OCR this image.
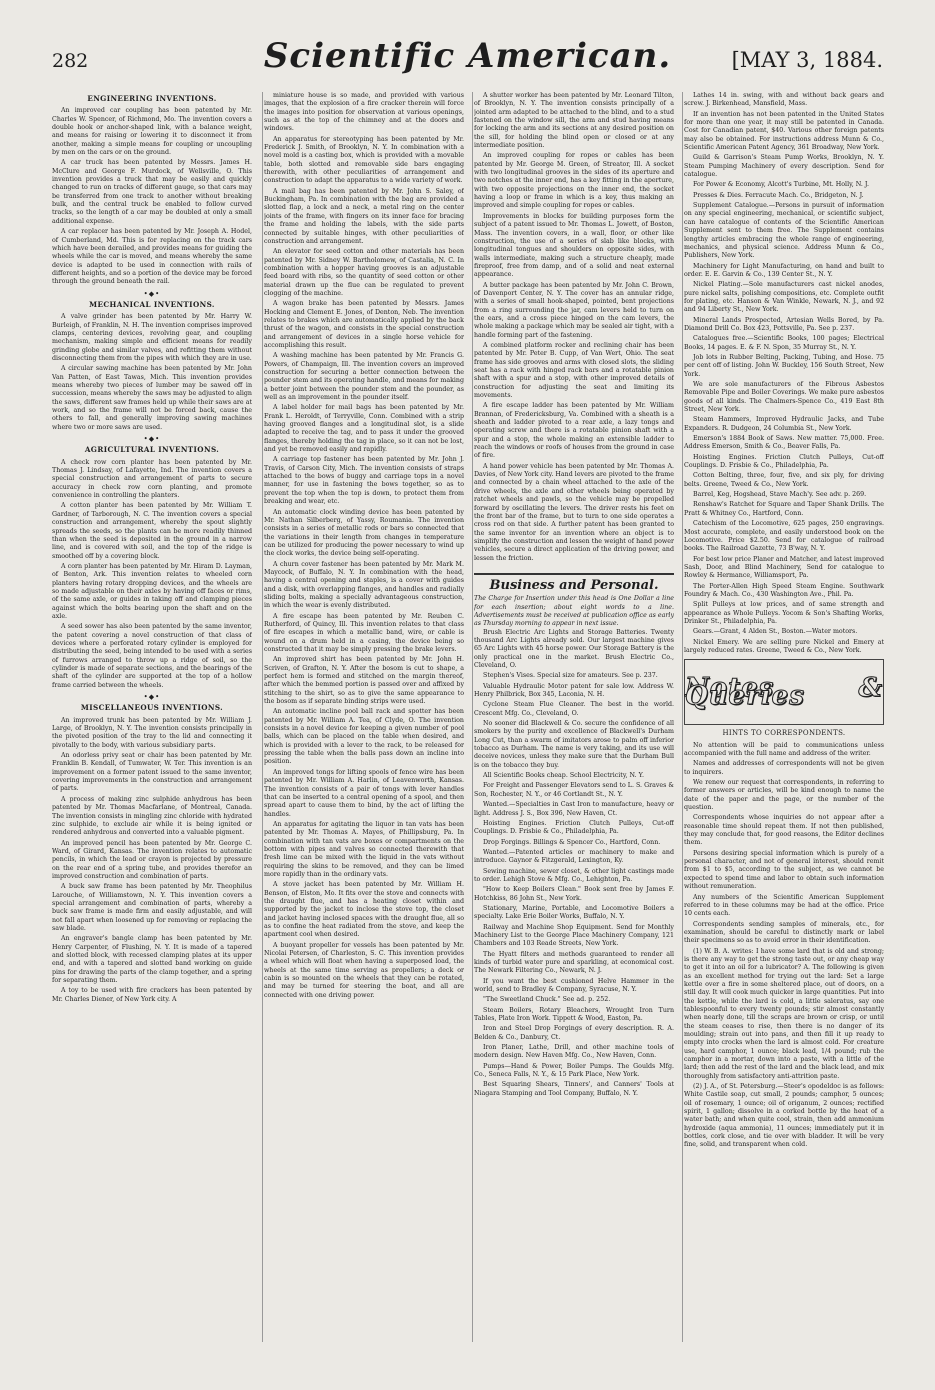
282	Scientific American.	[MAY 3, 1884.
ENGINEERING INVENTIONS.

An improved car coupling has been patented by Mr. Charles W. Spencer, of Richmond, Mo. The invention covers a double hook or anchor-shaped link, with a balance weight, and means for raising or lowering it to disconnect it from another, making a simple means for coupling or uncoupling by men on the cars or on the ground.

A car truck has been patented by Messrs. James H. McClure and George F. Murdock, of Wellsville, O. This invention provides a truck that may be easily and quickly changed to run on tracks of different gauge, so that cars may be transferred from one track to another without breaking bulk, and the central truck be enabled to follow curved tracks, so the length of a car may be doubled at only a small additional expense.

A car replacer has been patented by Mr. Joseph A. Hodel, of Cumberland, Md. This is for replacing on the track cars which have been derailed, and provides means for guiding the wheels while the car is moved, and means whereby the same device is adapted to be used in connection with rails of different heights, and so a portion of the device may be forced through the ground beneath the rail.

•◆•
MECHANICAL INVENTIONS.

A valve grinder has been patented by Mr. Harry W. Burleigh, of Franklin, N. H. The invention comprises improved clamps, centering devices, revolving gear, and coupling mechanism, making simple and efficient means for readily grinding globe and similar valves, and refitting them without disconnecting them from the pipes with which they are in use.

A circular sawing machine has been patented by Mr. John Van Patten, of East Tawas, Mich. This invention provides means whereby two pieces of lumber may be sawed off in succession, means whereby the saws may be adjusted to align the saws, different saw frames held up while their saws are at work, and so the frame will not be forced back, cause the others to fall, and generally improving sawing machines where two or more saws are used.

•◆•
AGRICULTURAL INVENTIONS.

A check row corn planter has been patented by Mr. Thomas J. Lindsay, of Lafayette, Ind. The invention covers a special construction and arrangement of parts to secure accuracy in check row corn planting, and promote convenience in controlling the planters.

A cotton planter has been patented by Mr. William T. Gardner, of Tarborough, N. C. The invention covers a special construction and arrangement, whereby the spout slightly spreads the seeds, so the plants can be more readily thinned than when the seed is deposited in the ground in a narrow line, and is covered with soil, and the top of the ridge is smoothed off by a covering block.

A corn planter has been patented by Mr. Hiram D. Layman, of Benton, Ark. This invention relates to wheeled corn planters having rotary dropping devices, and the wheels are so made adjustable on their axles by having off faces or rims, of the same axle, or guides in taking off and clamping pieces against which the bolts bearing upon the shaft and on the axle.

A seed sower has also been patented by the same inventor, the patent covering a novel construction of that class of devices where a perforated rotary cylinder is employed for distributing the seed, being intended to be used with a series of furrows arranged to throw up a ridge of soil, so the cylinder is made of separate sections, and the bearings of the shaft of the cylinder are supported at the top of a hollow frame carried between the wheels.

•◆•
MISCELLANEOUS INVENTIONS.

An improved trunk has been patented by Mr. William J. Large, of Brooklyn, N. Y. The invention consists principally in the pivoted position of the tray to the lid and connecting it pivotally to the body, with various subsidiary parts.

An odorless privy seat or chair has been patented by Mr. Franklin B. Kendall, of Tumwater, W. Ter. This invention is an improvement on a former patent issued to the same inventor, covering improvements in the construction and arrangement of parts.

A process of making zinc sulphide anhydrous has been patented by Mr. Thomas Macfarlane, of Montreal, Canada. The invention consists in mingling zinc chloride with hydrated zinc sulphide, to exclude air while it is being ignited or rendered anhydrous and converted into a valuable pigment.

An improved pencil has been patented by Mr. George C. Ward, of Girard, Kansas. The invention relates to automatic pencils, in which the lead or crayon is projected by pressure on the rear end of a spring tube, and provides therefor an improved construction and combination of parts.

A buck saw frame has been patented by Mr. Theophilus Larouche, of Williamstown, N. Y. This invention covers a special arrangement and combination of parts, whereby a buck saw frame is made firm and easily adjustable, and will not fall apart when loosened up for removing or replacing the saw blade.

An engraver's bangle clamp has been patented by Mr. Henry Carpenter, of Flushing, N. Y. It is made of a tapered and slotted block, with recessed clamping plates at its upper end, and with a tapered and slotted band working on guide pins for drawing the parts of the clamp together, and a spring for separating them.

A toy to be used with fire crackers has been patented by Mr. Charles Diener, of New York city. A

miniature house is so made, and provided with various images, that the explosion of a fire cracker therein will force the images into position for observation at various openings, such as at the top of the chimney and at the doors and windows.

An apparatus for stereotyping has been patented by Mr. Frederick J. Smith, of Brooklyn, N. Y. In combination with a novel mold is a casting box, which is provided with a movable table, both slotted and removable side bars engaging therewith, with other peculiarities of arrangement and construction to adapt the apparatus to a wide variety of work.

A mail bag has been patented by Mr. John S. Saley, of Buckingham, Pa. In combination with the bag are provided a slotted flap, a lock and a neck, a metal ring on the center joints of the frame, with fingers on its inner face for bracing the frame and holding the labels, with the side parts connected by suitable hinges, with other peculiarities of construction and arrangement.

An elevator for seed cotton and other materials has been patented by Mr. Sidney W. Bartholomew, of Castalia, N. C. In combination with a hopper having grooves is an adjustable feed board with ribs, so the quantity of seed cotton or other material drawn up the flue can be regulated to prevent clogging of the machine.

A wagon brake has been patented by Messrs. James Hocking and Clement E. Jones, of Denton, Neb. The invention relates to brakes which are automatically applied by the back thrust of the wagon, and consists in the special construction and arrangement of devices in a single horse vehicle for accomplishing this result.

A washing machine has been patented by Mr. Francis G. Powers, of Champaign, Ill. The invention covers an improved construction for securing a better connection between the pounder stem and its operating handle, and means for making a better joint between the pounder stem and the pounder, as well as an improvement in the pounder itself.

A label holder for mail bags has been patented by Mr. Frank L. Heroldt, of Terryville, Conn. Combined with a strip having grooved flanges and a longitudinal slot, is a slide adapted to receive the tag, and to pass it under the grooved flanges, thereby holding the tag in place, so it can not be lost, and yet be removed easily and rapidly.

A carriage top fastener has been patented by Mr. John J. Travis, of Carson City, Mich. The invention consists of straps attached to the bows of buggy and carriage tops in a novel manner, for use in fastening the bows together, so as to prevent the top when the top is down, to protect them from breaking and wear, etc.

An automatic clock winding device has been patented by Mr. Nathan Silberberg, of Yassy, Roumania. The invention consists in a series of metallic rods or bars so connected that the variations in their length from changes in temperature can be utilized for producing the power necessary to wind up the clock works, the device being self-operating.

A churn cover fastener has been patented by Mr. Mark M. Maycock, of Buffalo, N. Y. In combination with the head, having a central opening and staples, is a cover with guides and a disk, with overlapping flanges, and handles and radially sliding bolts, making a specially advantageous construction, in which the wear is evenly distributed.

A fire escape has been patented by Mr. Reuben C. Rutherford, of Quincy, Ill. This invention relates to that class of fire escapes in which a metallic band, wire, or cable is wound on a drum held in a casing, the device being so constructed that it may be simply pressing the brake levers.

An improved shirt has been patented by Mr. John H. Scriven, of Grafton, N. Y. After the bosom is cut to shape, a perfect hem is formed and stitched on the margin thereof, after which the bemmed portion is passed over and affixed by stitching to the shirt, so as to give the same appearance to the bosom as if separate binding strips were used.

An automatic incline pool ball rack and spotter has been patented by Mr. William A. Tea, of Clyde, O. The invention consists in a novel device for keeping a given number of pool balls, which can be placed on the table when desired, and which is provided with a lever to the rack, to be released for pressing the table when the balls pass down an incline into position.

An improved tongs for lifting spools of fence wire has been patented by Mr. William A. Harlin, of Leavenworth, Kansas. The invention consists of a pair of tongs with lever handles that can be inserted to a central opening of a spool, and then spread apart to cause them to bind, by the act of lifting the handles.

An apparatus for agitating the liquor in tan vats has been patented by Mr. Thomas A. Mayes, of Phillipsburg, Pa. In combination with tan vats are boxes or compartments on the bottom with pipes and valves so connected therewith that fresh lime can be mixed with the liquid in the vats without requiring the skins to be removed, and they can be limed more rapidly than in the ordinary vats.

A stove jacket has been patented by Mr. William H. Benson, of Elston, Mo. It fits over the stove and connects with the draught flue, and has a heating closet within and supported by the jacket to inclose the stove top, the closet and jacket having inclosed spaces with the draught flue, all so as to confine the heat radiated from the stove, and keep the apartment cool when desired.

A buoyant propeller for vessels has been patented by Mr. Nicolai Petersen, of Charleston, S. C. This invention provides a wheel which will float when having a superposed load, the wheels at the same time serving as propellers; a deck or cabin is so mounted on the wheels that they can be rotated, and may be turned for steering the boat, and all are connected with one driving power.

A shutter worker has been patented by Mr. Leonard Tilton, of Brooklyn, N. Y. The invention consists principally of a jointed arm adapted to be attached to the blind, and to a stud fastened on the window sill, the arm and stud having means for locking the arm and its sections at any desired position on the sill, for holding the blind open or closed or at any intermediate position.

An improved coupling for ropes or cables has been patented by Mr. George M. Green, of Streator, Ill. A socket with two longitudinal grooves in the sides of its aperture and two notches at the inner end, has a key fitting in the aperture, with two opposite projections on the inner end, the socket having a loop or frame in which is a key, thus making an improved and simple coupling for ropes or cables.

Improvements in blocks for building purposes form the subject of a patent issued to Mr. Thomas L. Jowett, of Boston, Mass. The invention covers, in a wall, floor, or other like construction, the use of a series of slab like blocks, with longitudinal tongues and shoulders on opposite sides, with walls intermediate, making such a structure cheaply, made fireproof, free from damp, and of a solid and neat external appearance.

A butter package has been patented by Mr. John C. Brown, of Davenport Center, N. Y. The cover has an annular ridge, with a series of small hook-shaped, pointed, bent projections from a ring surrounding the jar, cam levers held to turn on the ears, and a cross piece hinged on the cam levers, the whole making a package which may be sealed air tight, with a handle forming part of the fastening.

A combined platform rocker and reclining chair has been patented by Mr. Peter B. Cupp, of Van Wert, Ohio. The seat frame has side grooves and arms with closed slots, the sliding seat has a rack with hinged rack bars and a rotatable pinion shaft with a spur and a stop, with other improved details of construction for adjusting the seat and limiting its movements.

A fire escape ladder has been patented by Mr. William Brannan, of Fredericksburg, Va. Combined with a sheath is a sheath and ladder pivoted to a rear axle, a lazy tongs and operating screw and there is a rotatable pinion shaft with a spur and a stop, the whole making an extensible ladder to reach the windows or roofs of houses from the ground in case of fire.

A hand power vehicle has been patented by Mr. Thomas A. Davies, of New York city. Hand levers are pivoted to the frame and connected by a chain wheel attached to the axle of the drive wheels, the axle and other wheels being operated by ratchet wheels and pawls, so the vehicle may be propelled forward by oscillating the levers. The driver rests his feet on the front bar of the frame, but to turn to one side operates a cross rod on that side. A further patent has been granted to the same inventor for an invention where an object is to simplify the construction and lessen the weight of hand power vehicles, secure a direct application of the driving power, and lessen the friction.

Business and Personal.

The Charge for Insertion under this head is One Dollar a line for each insertion; about eight words to a line. Advertisements must be received at publication office as early as Thursday morning to appear in next issue.

Brush Electric Arc Lights and Storage Batteries. Twenty thousand Arc Lights already sold. Our largest machine gives 65 Arc Lights with 45 horse power. Our Storage Battery is the only practical one in the market. Brush Electric Co., Cleveland, O.

Stephen's Vises. Special size for amateurs. See p. 237.

Valuable Hydraulic Motor patent for sale low. Address W. Henry Philbrick, Box 345, Laconia, N. H.

Cyclone Steam Flue Cleaner. The best in the world. Crescent Mfg. Co., Cleveland, O.

No sooner did Blackwell & Co. secure the confidence of all smokers by the purity and excellence of Blackwell's Durham Long Cut, than a swarm of imitators arose to palm off inferior tobacco as Durham. The name is very taking, and its use will deceive novices, unless they make sure that the Durham Bull is on the tobacco they buy.

All Scientific Books cheap. School Electricity, N. Y.

For Freight and Passenger Elevators send to L. S. Graves & Son, Rochester, N. Y., or 46 Cortlandt St., N. Y.

Wanted.—Specialties in Cast Iron to manufacture, heavy or light. Address J. S., Box 396, New Haven, Ct.

Hoisting Engines. Friction Clutch Pulleys, Cut-off Couplings. D. Frisbie & Co., Philadelphia, Pa.

Drop Forgings. Billings & Spencer Co., Hartford, Conn.

Wanted.—Patented articles or machinery to make and introduce. Gaynor & Fitzgerald, Lexington, Ky.

Sewing machine, sewer closet, & other light castings made to order. Lehigh Stove & Mfg. Co., Lehighton, Pa.

"How to Keep Boilers Clean." Book sent free by James F. Hotchkiss, 86 John St., New York.

Stationary, Marine, Portable, and Locomotive Boilers a specialty. Lake Erie Boiler Works, Buffalo, N. Y.

Railway and Machine Shop Equipment. Send for Monthly Machinery List to the George Place Machinery Company, 121 Chambers and 103 Reade Streets, New York.

The Hyatt filters and methods guaranteed to render all kinds of turbid water pure and sparkling, at economical cost. The Newark Filtering Co., Newark, N. J.

If you want the best cushioned Helve Hammer in the world, send to Bradley & Company, Syracuse, N. Y.

"The Sweetland Chuck." See ad. p. 252.

Steam Boilers, Rotary Bleachers, Wrought Iron Turn Tables, Plate Iron Work. Tippett & Wood, Easton, Pa.

Iron and Steel Drop Forgings of every description. R. A. Belden & Co., Danbury, Ct.

Iron Planer, Lathe, Drill, and other machine tools of modern design. New Haven Mfg. Co., New Haven, Conn.

Pumps—Hand & Power, Boiler Pumps. The Goulds Mfg. Co., Seneca Falls, N. Y., & 15 Park Place, New York.

Best Squaring Shears, Tinners', and Canners' Tools at Niagara Stamping and Tool Company, Buffalo, N. Y.

Lathes 14 in. swing, with and without back gears and screw. J. Birkenhead, Mansfield, Mass.

If an invention has not been patented in the United States for more than one year, it may still be patented in Canada. Cost for Canadian patent, $40. Various other foreign patents may also be obtained. For instructions address Munn & Co., Scientific American Patent Agency, 361 Broadway, New York.

Guild & Garrison's Steam Pump Works, Brooklyn, N. Y. Steam Pumping Machinery of every description. Send for catalogue.

For Power & Economy, Alcott's Turbine, Mt. Holly, N. J.

Presses & Dies. Ferracute Mach. Co., Bridgeton, N. J.

Supplement Catalogue.—Persons in pursuit of information on any special engineering, mechanical, or scientific subject, can have catalogue of contents of the Scientific American Supplement sent to them free. The Supplement contains lengthy articles embracing the whole range of engineering, mechanics, and physical science. Address Munn & Co., Publishers, New York.

Machinery for Light Manufacturing, on hand and built to order. E. E. Garvin & Co., 139 Center St., N. Y.

Nickel Plating.—Sole manufacturers cast nickel anodes, pure nickel salts, polishing compositions, etc. Complete outfit for plating, etc. Hanson & Van Winkle, Newark, N. J., and 92 and 94 Liberty St., New York.

Mineral Lands Prospected, Artesian Wells Bored, by Pa. Diamond Drill Co. Box 423, Pottsville, Pa. See p. 237.

Catalogues free.—Scientific Books, 100 pages; Electrical Books, 14 pages. E. & F. N. Spon, 35 Murray St., N. Y.

Job lots in Rubber Belting, Packing, Tubing, and Hose. 75 per cent off of listing. John W. Buckley, 156 South Street, New York.

We are sole manufacturers of the Fibrous Asbestos Removable Pipe and Boiler Coverings. We make pure asbestos goods of all kinds. The Chalmers-Spence Co., 419 East 8th Street, New York.

Steam Hammers, Improved Hydraulic Jacks, and Tube Expanders. R. Dudgeon, 24 Columbia St., New York.

Emerson's 1884 Book of Saws. New matter. 75,000. Free. Address Emerson, Smith & Co., Beaver Falls, Pa.

Hoisting Engines. Friction Clutch Pulleys, Cut-off Couplings. D. Frisbie & Co., Philadelphia, Pa.

Cotton Belting, three, four, five, and six ply, for driving belts. Greene, Tweed & Co., New York.

Barrel, Keg, Hogshead, Stave Mach'y. See adv. p. 269.

Renshaw's Ratchet for Square and Taper Shank Drills. The Pratt & Whitney Co., Hartford, Conn.

Catechism of the Locomotive, 625 pages, 250 engravings. Most accurate, complete, and easily understood book on the Locomotive. Price $2.50. Send for catalogue of railroad books. The Railroad Gazette, 73 B'way, N. Y.

For best low price Planer and Matcher, and latest improved Sash, Door, and Blind Machinery, Send for catalogue to Rowley & Hermance, Williamsport, Pa.

The Porter-Allen High Speed Steam Engine. Southwark Foundry & Mach. Co., 430 Washington Ave., Phil. Pa.

Split Pulleys at low prices, and of same strength and appearance as Whole Pulleys. Yocom & Son's Shafting Works, Drinker St., Philadelphia, Pa.

Gears.—Grant, 4 Alden St., Boston.—Water motors.

Nickel Emery. We are selling pure Nickel and Emery at largely reduced rates. Greene, Tweed & Co., New York.

Notes & Queries
HINTS TO CORRESPONDENTS.

No attention will be paid to communications unless accompanied with the full name and address of the writer.

Names and addresses of correspondents will not be given to inquirers.

We renew our request that correspondents, in referring to former answers or articles, will be kind enough to name the date of the paper and the page, or the number of the question.

Correspondents whose inquiries do not appear after a reasonable time should repeat them. If not then published, they may conclude that, for good reasons, the Editor declines them.

Persons desiring special information which is purely of a personal character, and not of general interest, should remit from $1 to $5, according to the subject, as we cannot be expected to spend time and labor to obtain such information without remuneration.

Any numbers of the Scientific American Supplement referred to in these columns may be had at the office. Price 10 cents each.

Correspondents sending samples of minerals, etc., for examination, should be careful to distinctly mark or label their specimens so as to avoid error in their identification.

(1) W. B. A. writes: I have some lard that is old and strong; is there any way to get the strong taste out, or any cheap way to get it into an oil for a lubricator? A. The following is given as an excellent method for trying out the lard: Set a large kettle over a fire in some sheltered place, out of doors, on a still day. It will cook much quicker in large quantities. Put into the kettle, while the lard is cold, a little saleratus, say one tablespoonful to every twenty pounds; stir almost constantly when nearly done, till the scraps are brown or crisp, or until the steam ceases to rise, then there is no danger of its moulding; strain out into pans, and then fill it up ready to empty into crocks when the lard is almost cold. For creature use, hard camphor, 1 ounce; black lead, 1/4 pound; rub the camphor in a mortar, down into a paste, with a little of the lard; then add the rest of the lard and the black lead, and mix thoroughly from satisfactory anti-attrition paste.

(2) J. A., of St. Petersburg.—Steer's opodeldoc is as follows: White Castile soap, cut small, 2 pounds; camphor, 5 ounces; oil of rosemary, 1 ounce; oil of origanum, 2 ounces; rectified spirit, 1 gallon; dissolve in a corked bottle by the heat of a water bath; and when quite cool, strain, then add ammonium hydroxide (aqua ammonia), 11 ounces; immediately put it in bottles, cork close, and tie over with bladder. It will be very fine, solid, and transparent when cold.
